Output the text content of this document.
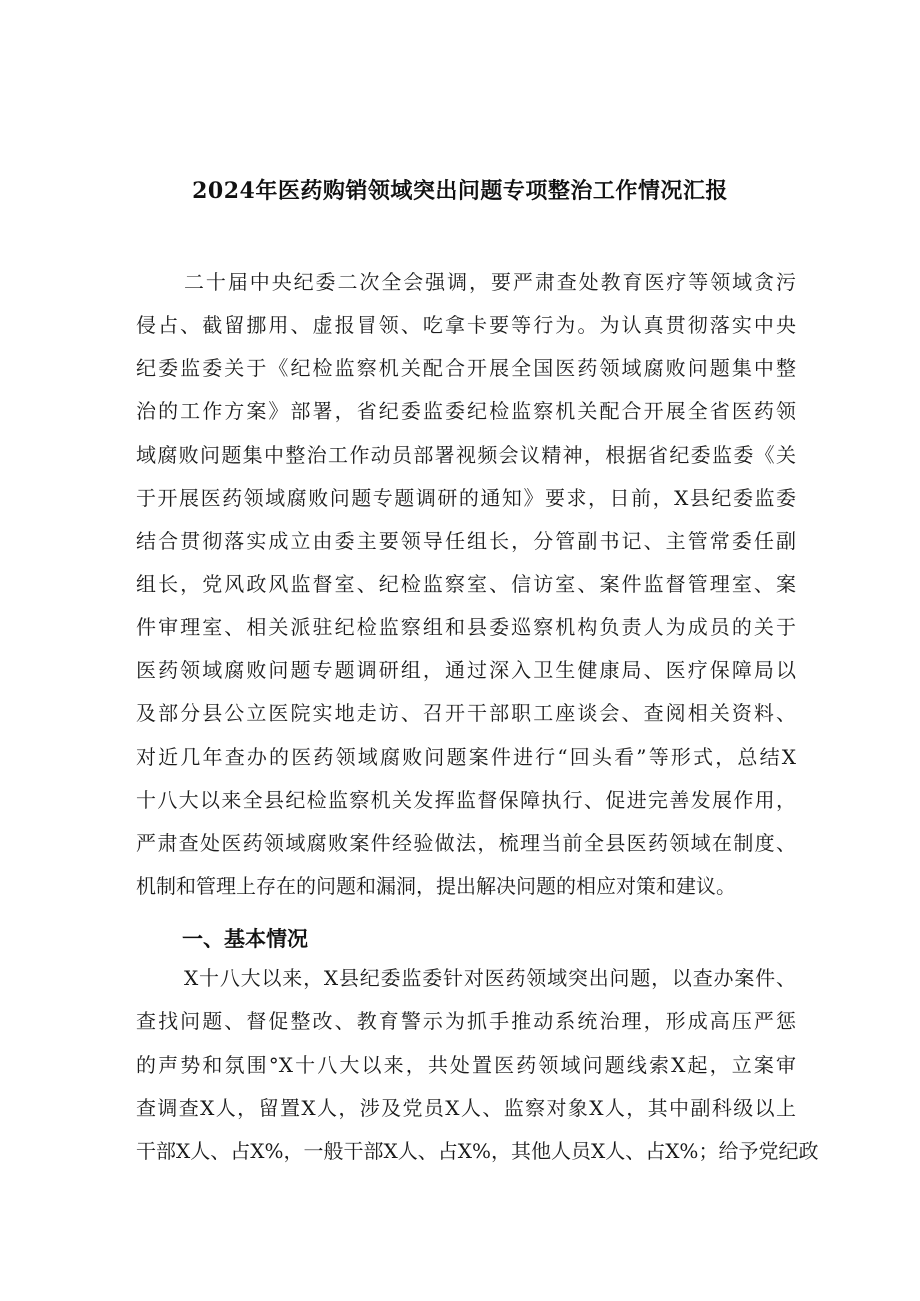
2024年医药购销领域突出问题专项整治工作情况汇报
二十届中央纪委二次全会强调，要严肃查处教育医疗等领域贪污
侵占、截留挪用、虚报冒领、吃拿卡要等行为。为认真贯彻落实中央
纪委监委关于《纪检监察机关配合开展全国医药领域腐败问题集中整
治的工作方案》部署，省纪委监委纪检监察机关配合开展全省医药领
域腐败问题集中整治工作动员部署视频会议精神，根据省纪委监委《关
于开展医药领域腐败问题专题调研的通知》要求，日前，X县纪委监委
结合贯彻落实成立由委主要领导任组长，分管副书记、主管常委任副
组长，党风政风监督室、纪检监察室、信访室、案件监督管理室、案
件审理室、相关派驻纪检监察组和县委巡察机构负责人为成员的关于
医药领域腐败问题专题调研组，通过深入卫生健康局、医疗保障局以
及部分县公立医院实地走访、召开干部职工座谈会、查阅相关资料、
对近几年查办的医药领域腐败问题案件进行“回头看”等形式，总结X
十八大以来全县纪检监察机关发挥监督保障执行、促进完善发展作用，
严肃查处医药领域腐败案件经验做法，梳理当前全县医药领域在制度、
机制和管理上存在的问题和漏洞，提出解决问题的相应对策和建议。
一、基本情况
X十八大以来，X县纪委监委针对医药领域突出问题，以查办案件、
查找问题、督促整改、教育警示为抓手推动系统治理，形成高压严惩
的声势和氛围°X十八大以来，共处置医药领域问题线索X起，立案审
查调查X人，留置X人，涉及党员X人、监察对象X人，其中副科级以上
干部X人、占X%，一般干部X人、占X%，其他人员X人、占X%；给予党纪政
